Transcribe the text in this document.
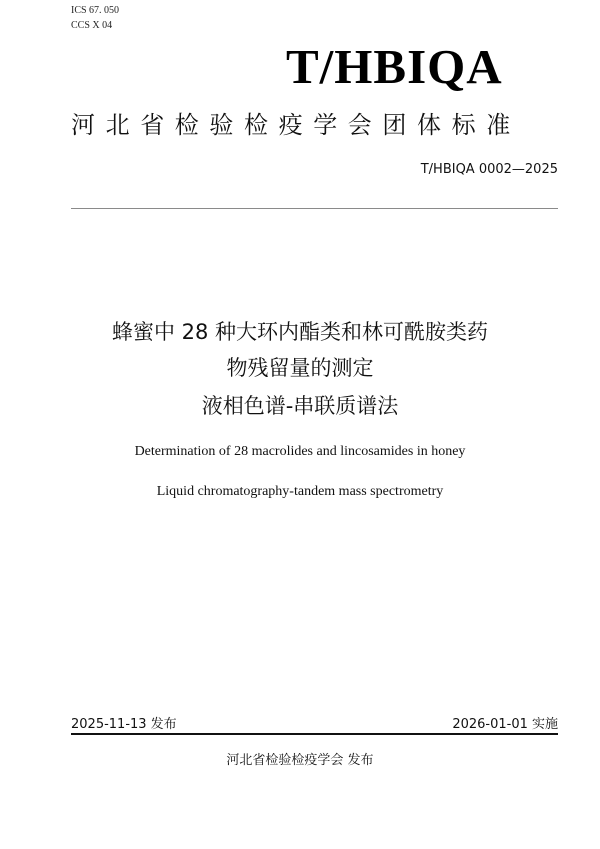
ICS 67. 050
CCS X 04
T/HBIQA
河北省检验检疫学会团体标准
T/HBIQA 0002—2025
蜂蜜中 28 种大环内酯类和林可酰胺类药
物残留量的测定
液相色谱-串联质谱法
Determination of 28 macrolides and lincosamides in honey
Liquid chromatography-tandem mass spectrometry
2025-11-13 发布	2026-01-01 实施
河北省检验检疫学会 发布
